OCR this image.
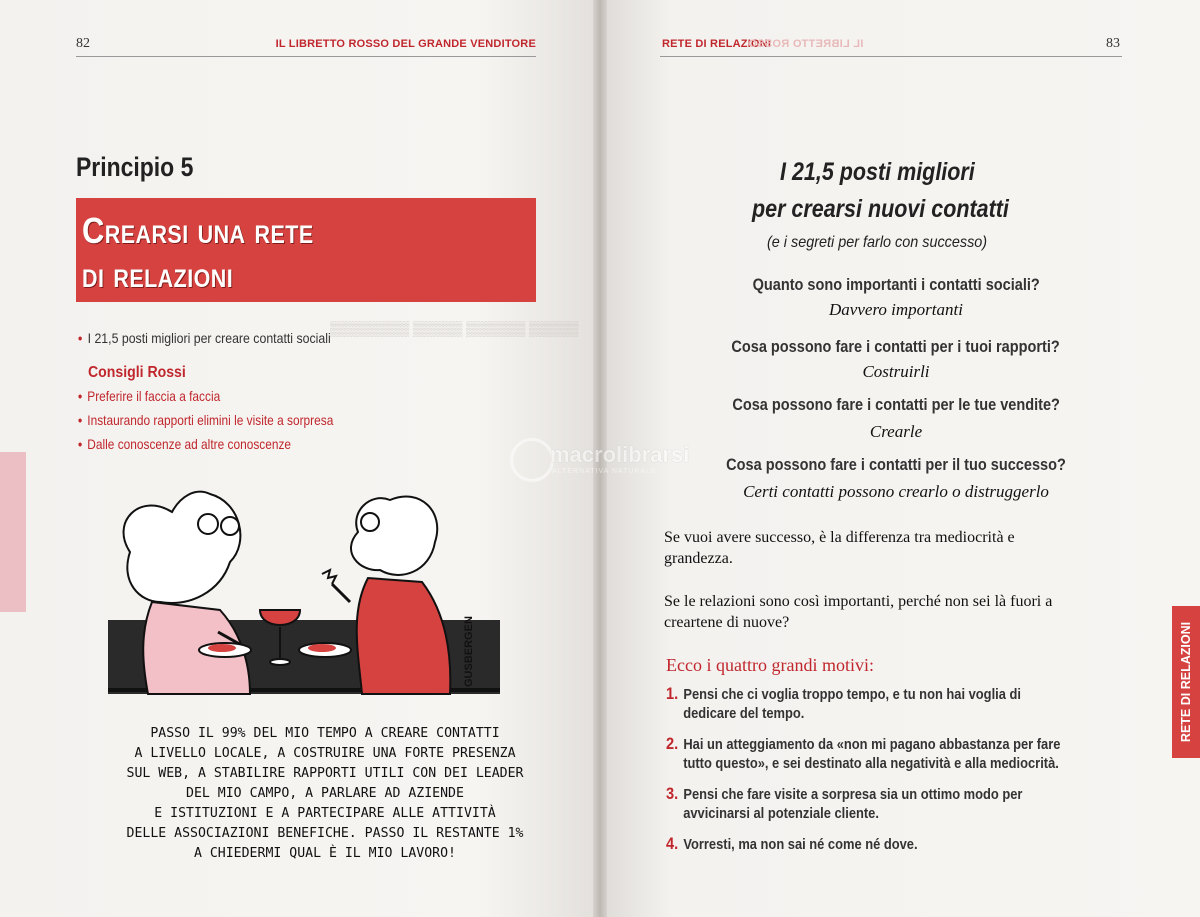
82	IL LIBRETTO ROSSO DEL GRANDE VENDITORE
▒▒▒▒▒▒▒▒ ▒▒▒▒▒ ▒▒▒▒▒▒ ▒▒▒▒▒
Principio 5
Crearsi una rete
di relazioni
• I 21,5 posti migliori per creare contatti sociali
Consigli Rossi
• Preferire il faccia a faccia
• Instaurando rapporti elimini le visite a sorpresa
• Dalle conoscenze ad altre conoscenze
GUSBERGEN
PASSO IL 99% DEL MIO TEMPO A CREARE CONTATTI
A LIVELLO LOCALE, A COSTRUIRE UNA FORTE PRESENZA
SUL WEB, A STABILIRE RAPPORTI UTILI CON DEI LEADER
DEL MIO CAMPO, A PARLARE AD AZIENDE
E ISTITUZIONI E A PARTECIPARE ALLE ATTIVITÀ
DELLE ASSOCIAZIONI BENEFICHE. PASSO IL RESTANTE 1%
A CHIEDERMI QUAL È IL MIO LAVORO!
RETE DI RELAZIONI
IL LIBRETTO ROSSO	83
I 21,5 posti migliori
per crearsi nuovi contatti
(e i segreti per farlo con successo)
Quanto sono importanti i contatti sociali?
Davvero importanti
Cosa possono fare i contatti per i tuoi rapporti?
Costruirli
Cosa possono fare i contatti per le tue vendite?
Crearle
Cosa possono fare i contatti per il tuo successo?
Certi contatti possono crearlo o distruggerlo
Se vuoi avere successo, è la differenza tra mediocrità e
grandezza.
Se le relazioni sono così importanti, perché non sei là fuori a
creartene di nuove?
Ecco i quattro grandi motivi:
1. Pensi che ci voglia troppo tempo, e tu non hai voglia di
dedicare del tempo.
2. Hai un atteggiamento da «non mi pagano abbastanza per fare
tutto questo», e sei destinato alla negatività e alla mediocrità.
3. Pensi che fare visite a sorpresa sia un ottimo modo per
avvicinarsi al potenziale cliente.
4. Vorresti, ma non sai né come né dove.
RETE DI RELAZIONI
macrolibrarsi
ALTERNATIVA NATURALE
